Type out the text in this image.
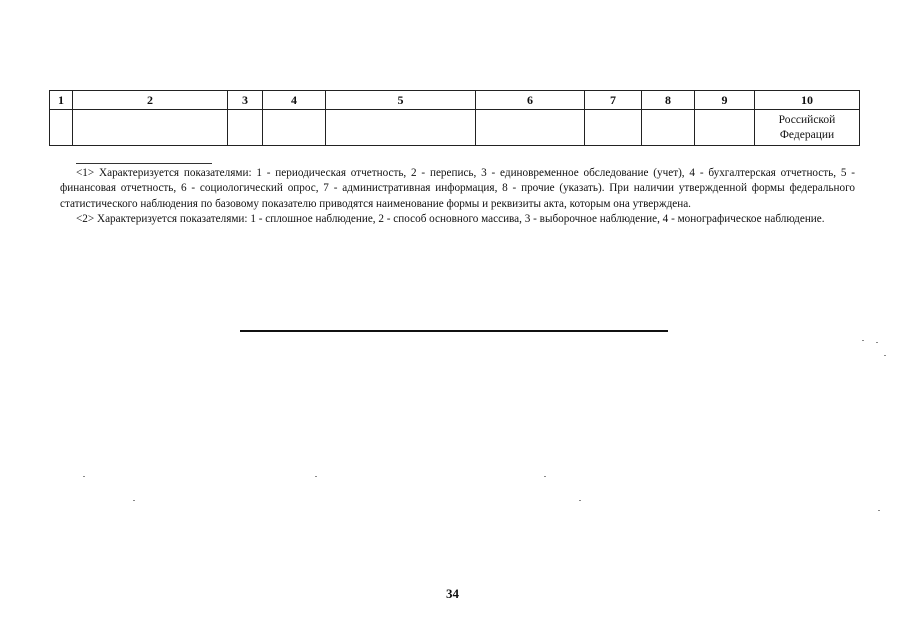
1	2	3	4	5	6	7	8	9	10

									Российской
Федерации

<1> Характеризуется показателями: 1 - периодическая отчетность, 2 - перепись, 3 - единовременное обследование (учет), 4 - бухгалтерская отчетность, 5 - финансовая отчетность, 6 - социологический опрос, 7 - административная информация, 8 - прочие (указать). При наличии утвержденной формы федерального статистического наблюдения по базовому показателю приводятся наименование формы и реквизиты акта, которым она утверждена.

<2> Характеризуется показателями: 1 - сплошное наблюдение, 2 - способ основного массива, 3 - выборочное наблюдение, 4 - монографическое наблюдение.

34
